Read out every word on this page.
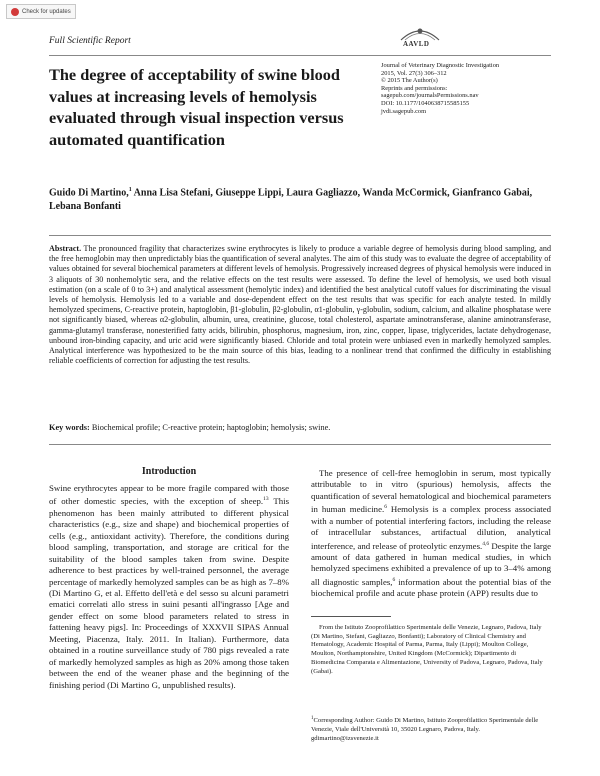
Check for updates
Full Scientific Report	AAVLD
The degree of acceptability of swine blood values at increasing levels of hemolysis evaluated through visual inspection versus automated quantification
Journal of Veterinary Diagnostic Investigation
2015, Vol. 27(3) 306–312
© 2015 The Author(s)
Reprints and permissions:
sagepub.com/journalsPermissions.nav
DOI: 10.1177/1040638715585155
jvdi.sagepub.com

Guido Di Martino,$^1$ Anna Lisa Stefani, Giuseppe Lippi, Laura Gagliazzo, Wanda McCormick, Gianfranco Gabai, Lebana Bonfanti

Abstract. The pronounced fragility that characterizes swine erythrocytes is likely to produce a variable degree of hemolysis during blood sampling, and the free hemoglobin may then unpredictably bias the quantification of several analytes. The aim of this study was to evaluate the degree of acceptability of values obtained for several biochemical parameters at different levels of hemolysis. Progressively increased degrees of physical hemolysis were induced in 3 aliquots of 30 nonhemolytic sera, and the relative effects on the test results were assessed. To define the level of hemolysis, we used both visual estimation (on a scale of 0 to 3+) and analytical assessment (hemolytic index) and identified the best analytical cutoff values for discriminating the visual levels of hemolysis. Hemolysis led to a variable and dose-dependent effect on the test results that was specific for each analyte tested. In mildly hemolyzed specimens, C-reactive protein, haptoglobin, β1-globulin, β2-globulin, α1-globulin, γ-globulin, sodium, calcium, and alkaline phosphatase were not significantly biased, whereas α2-globulin, albumin, urea, creatinine, glucose, total cholesterol, aspartate aminotransferase, alanine aminotransferase, gamma-glutamyl transferase, nonesterified fatty acids, bilirubin, phosphorus, magnesium, iron, zinc, copper, lipase, triglycerides, lactate dehydrogenase, unbound iron-binding capacity, and uric acid were significantly biased. Chloride and total protein were unbiased even in markedly hemolyzed samples. Analytical interference was hypothesized to be the main source of this bias, leading to a nonlinear trend that confirmed the difficulty in establishing reliable coefficients of correction for adjusting the test results.

Key words: Biochemical profile; C-reactive protein; haptoglobin; hemolysis; swine.

Introduction

Swine erythrocytes appear to be more fragile compared with those of other domestic species, with the exception of sheep.$^{13}$ This phenomenon has been mainly attributed to different physical characteristics (e.g., size and shape) and biochemical properties of cells (e.g., antioxidant activity). Therefore, the conditions during blood sampling, transportation, and storage are critical for the suitability of the blood samples taken from swine. Despite adherence to best practices by well-trained personnel, the average percentage of markedly hemolyzed samples can be as high as 7–8% (Di Martino G, et al. Effetto dell'età e del sesso su alcuni parametri ematici correlati allo stress in suini pesanti all'ingrasso [Age and gender effect on some blood parameters related to stress in fattening heavy pigs]. In: Proceedings of XXXVII SIPAS Annual Meeting, Piacenza, Italy. 2011. In Italian). Furthermore, data obtained in a routine surveillance study of 780 pigs revealed a rate of markedly hemolyzed samples as high as 20% among those taken between the end of the weaner phase and the beginning of the finishing period (Di Martino G, unpublished results).

The presence of cell-free hemoglobin in serum, most typically attributable to in vitro (spurious) hemolysis, affects the quantification of several hematological and biochemical parameters in human medicine.$^6$ Hemolysis is a complex process associated with a number of potential interfering factors, including the release of intracellular substances, artifactual dilution, analytical interference, and release of proteolytic enzymes.$^{4,6}$ Despite the large amount of data gathered in human medical studies, in which hemolyzed specimens exhibited a prevalence of up to 3–4% among all diagnostic samples,$^6$ information about the potential bias of the biochemical profile and acute phase protein (APP) results due to

From the Istituto Zooprofilattico Sperimentale delle Venezie, Legnaro, Padova, Italy (Di Martino, Stefani, Gagliazzo, Bonfanti); Laboratory of Clinical Chemistry and Hematology, Academic Hospital of Parma, Parma, Italy (Lippi); Moulton College, Moulton, Northamptonshire, United Kingdom (McCormick); Dipartimento di Biomedicina Comparata e Alimentazione, University of Padova, Legnaro, Padova, Italy (Gabai).

$^1$Corresponding Author: Guido Di Martino, Istituto Zooprofilattico Sperimentale delle Venezie, Viale dell'Università 10, 35020 Legnaro, Padova, Italy. gdimartino@izsvenezie.it
